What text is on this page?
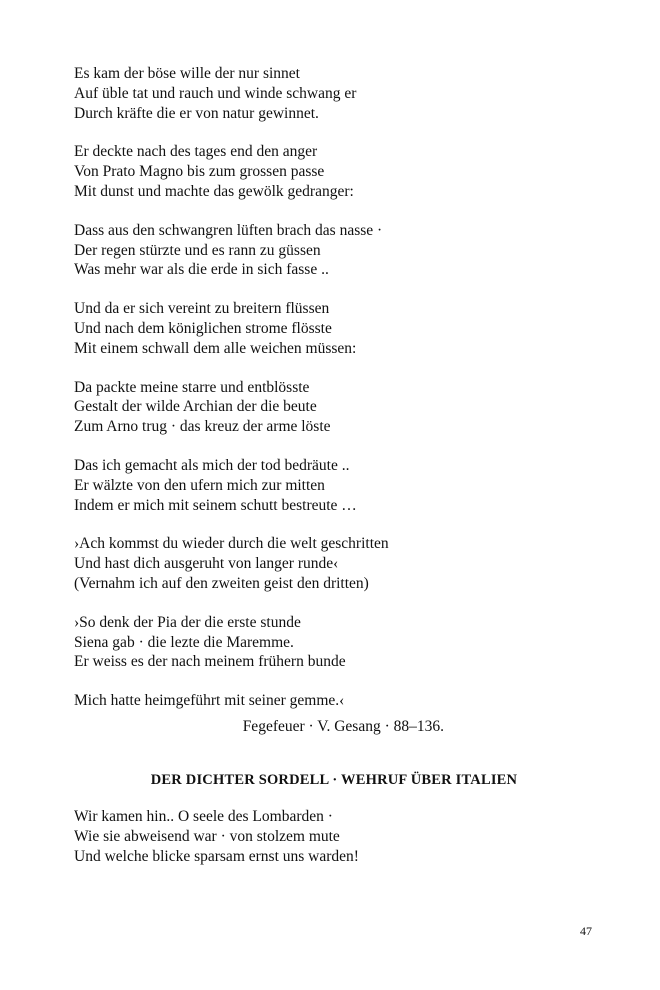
Es kam der böse wille der nur sinnet
Auf üble tat und rauch und winde schwang er
Durch kräfte die er von natur gewinnet.
Er deckte nach des tages end den anger
Von Prato Magno bis zum grossen passe
Mit dunst und machte das gewölk gedranger:
Dass aus den schwangren lüften brach das nasse ·
Der regen stürzte und es rann zu güssen
Was mehr war als die erde in sich fasse ..
Und da er sich vereint zu breitern flüssen
Und nach dem königlichen strome flösste
Mit einem schwall dem alle weichen müssen:
Da packte meine starre und entblösste
Gestalt der wilde Archian der die beute
Zum Arno trug · das kreuz der arme löste
Das ich gemacht als mich der tod bedräute ..
Er wälzte von den ufern mich zur mitten
Indem er mich mit seinem schutt bestreute …
›Ach kommst du wieder durch die welt geschritten
Und hast dich ausgeruht von langer runde‹
(Vernahm ich auf den zweiten geist den dritten)
›So denk der Pia der die erste stunde
Siena gab · die lezte die Maremme.
Er weiss es der nach meinem frühern bunde
Mich hatte heimgeführt mit seiner gemme.‹
Fegefeuer · V. Gesang · 88–136.
DER DICHTER SORDELL · WEHRUF ÜBER ITALIEN
Wir kamen hin.. O seele des Lombarden ·
Wie sie abweisend war · von stolzem mute
Und welche blicke sparsam ernst uns warden!
47
